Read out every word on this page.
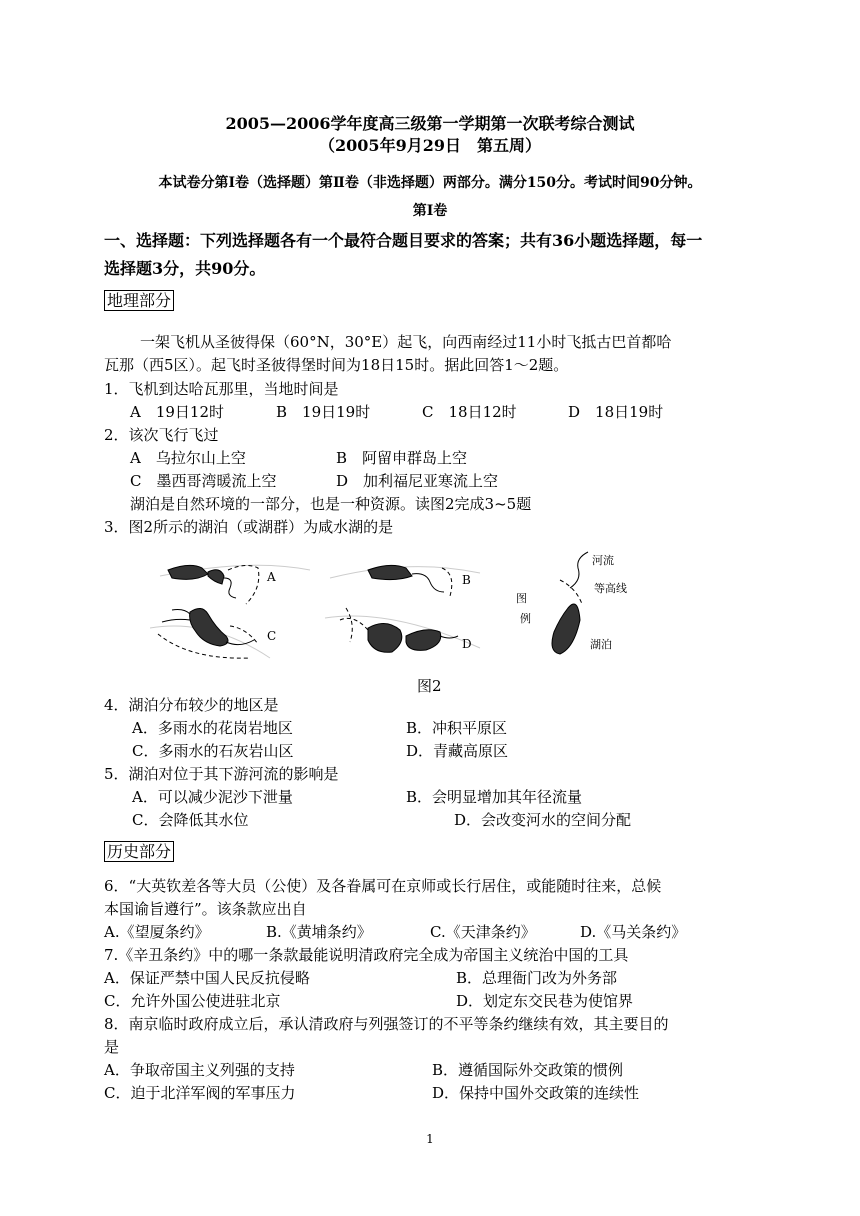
2005—2006学年度高三级第一学期第一次联考综合测试
（2005年9月29日　第五周）
本试卷分第Ⅰ卷（选择题）第Ⅱ卷（非选择题）两部分。满分150分。考试时间90分钟。
第Ⅰ卷
一、选择题：下列选择题各有一个最符合题目要求的答案；共有36小题选择题，每一
选择题3分，共90分。
地理部分
一架飞机从圣彼得保（60°N，30°E）起飞，向西南经过11小时飞抵古巴首都哈
瓦那（西5区）。起飞时圣彼得堡时间为18日15时。据此回答1～2题。
1．飞机到达哈瓦那里，当地时间是
A　19日12时	B　19日19时	C　18日12时	D　18日19时
2．该次飞行飞过
A　乌拉尔山上空	B　阿留申群岛上空
C　墨西哥湾暖流上空	D　加利福尼亚寒流上空
湖泊是自然环境的一部分，也是一种资源。读图2完成3~5题
3．图2所示的湖泊（或湖群）为咸水湖的是
A
C
B
D
图
例
河流
等高线
湖泊
图2
4．湖泊分布较少的地区是
A．多雨水的花岗岩地区	B．冲积平原区
C．多雨水的石灰岩山区	D．青藏高原区
5．湖泊对位于其下游河流的影响是
A．可以减少泥沙下泄量	B．会明显增加其年径流量
C．会降低其水位	D．会改变河水的空间分配
历史部分
6．“大英钦差各等大员（公使）及各眷属可在京师或长行居住，或能随时往来，总候
本国谕旨遵行”。该条款应出自
A.《望厦条约》	B.《黄埔条约》	C.《天津条约》	D.《马关条约》
7.《辛丑条约》中的哪一条款最能说明清政府完全成为帝国主义统治中国的工具
A．保证严禁中国人民反抗侵略	B．总理衙门改为外务部
C．允许外国公使进驻北京	D．划定东交民巷为使馆界
8．南京临时政府成立后，承认清政府与列强签订的不平等条约继续有效，其主要目的
是
A．争取帝国主义列强的支持	B．遵循国际外交政策的惯例
C．迫于北洋军阀的军事压力	D．保持中国外交政策的连续性
1
